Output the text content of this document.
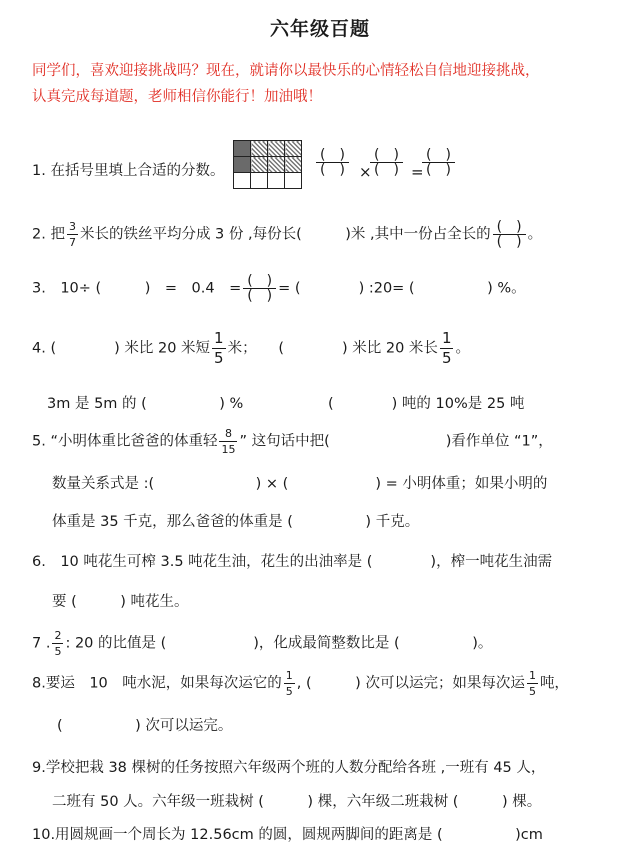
六年级百题
同学们，喜欢迎接挑战吗？现在，就请你以最快乐的心情轻松自信地迎接挑战，
认真完成每道题，老师相信你能行！加油哦！
1. 在括号里填上合适的分数。

(　)
(　) ×
(　)
(　) =
(　)
(　)
2. 把 $\frac{3}{7}$ 米长的铁丝平均分成 3 份 ,每份长(　　　)米 ,其中一份占全长的 $\frac{( )}{( )}$ 。
3.　10÷ (　　　)　=　0.4　= $\frac{( )}{( )}$ = (　　　　) :20= (　　　　　) %。
4. (　　　　) 米比 20 米短 $\frac{1}{5}$ 米；　　(　　　　) 米比 20 米长 $\frac{1}{5}$ 。
3m 是 5m 的 (　　　　　) %	(　　　　) 吨的 10%是 25 吨
5. “小明体重比爸爸的体重轻 $\frac{8}{15}$ ” 这句话中把(　　　　　　　　)看作单位 “1”，
数量关系式是 :(　　　　　　　) × (　　　　　　) = 小明体重；如果小明的
体重是 35 千克，那么爸爸的体重是 (　　　　　) 千克。
6.　10 吨花生可榨 3.5 吨花生油，花生的出油率是 (　　　　)，榨一吨花生油需
要 (　　　) 吨花生。
7 . $\frac{2}{5}$ : 20 的比值是 (　　　　　　)，化成最简整数比是 (　　　　　)。
8.要运　10　吨水泥，如果每次运它的 $\frac{1}{5}$ , (　　　) 次可以运完；如果每次运 $\frac{1}{5}$ 吨，
(　　　　　) 次可以运完。
9.学校把栽 38 棵树的任务按照六年级两个班的人数分配给各班 ,一班有 45 人，
二班有 50 人。六年级一班栽树 (　　　) 棵，六年级二班栽树 (　　　) 棵。
10.用圆规画一个周长为 12.56cm 的圆，圆规两脚间的距离是 (　　　　　)cm
